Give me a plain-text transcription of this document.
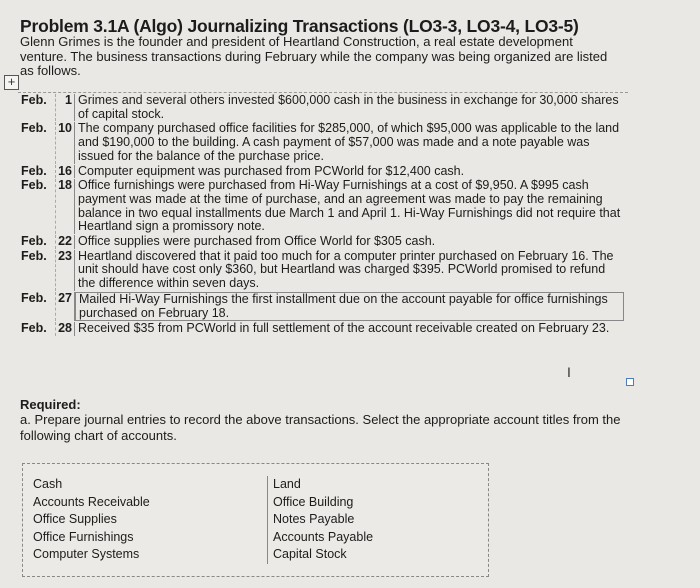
Problem 3.1A (Algo) Journalizing Transactions (LO3-3, LO3-4, LO3-5)
Glenn Grimes is the founder and president of Heartland Construction, a real estate development venture. The business transactions during February while the company was being organized are listed as follows.
+
Feb.	1 Grimes and several others invested $600,000 cash in the business in exchange for 30,000 shares of capital stock.
Feb. 10 The company purchased office facilities for $285,000, of which $95,000 was applicable to the land and $190,000 to the building. A cash payment of $57,000 was made and a note payable was issued for the balance of the purchase price.
Feb. 16 Computer equipment was purchased from PCWorld for $12,400 cash.
Feb. 18 Office furnishings were purchased from Hi-Way Furnishings at a cost of $9,950. A $995 cash payment was made at the time of purchase, and an agreement was made to pay the remaining balance in two equal installments due March 1 and April 1. Hi-Way Furnishings did not require that Heartland sign a promissory note.
Feb. 22 Office supplies were purchased from Office World for $305 cash.
Feb. 23 Heartland discovered that it paid too much for a computer printer purchased on February 16. The unit should have cost only $360, but Heartland was charged $395. PCWorld promised to refund the difference within seven days.
Feb. 27 Mailed Hi-Way Furnishings the first installment due on the account payable for office furnishings purchased on February 18.
Feb. 28 Received $35 from PCWorld in full settlement of the account receivable created on February 23.
I
Required:
a. Prepare journal entries to record the above transactions. Select the appropriate account titles from the following chart of accounts.
Cash
Accounts Receivable
Office Supplies
Office Furnishings
Computer Systems
Land
Office Building
Notes Payable
Accounts Payable
Capital Stock
